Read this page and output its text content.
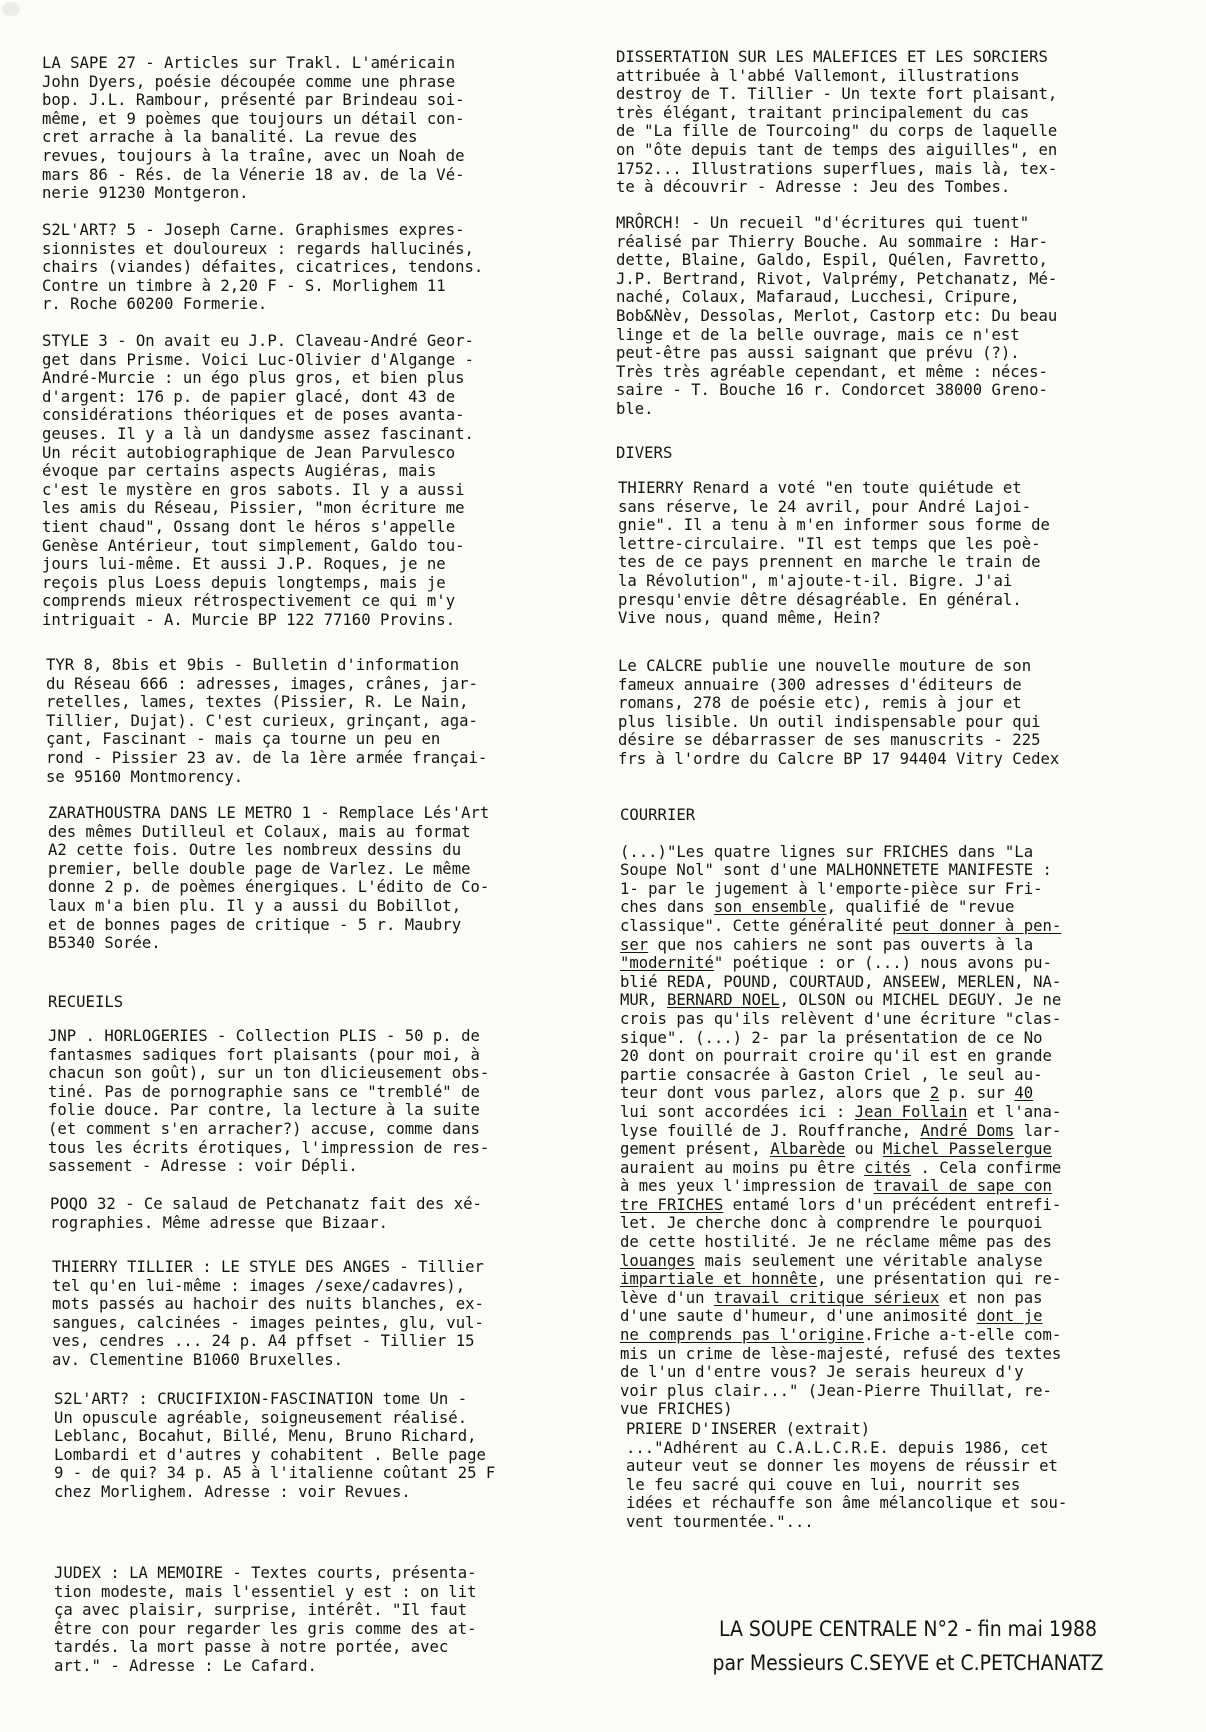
LA SAPE 27 - Articles sur Trakl. L'américain
John Dyers, poésie découpée comme une phrase
bop. J.L. Rambour, présenté par Brindeau soi-
même, et 9 poèmes que toujours un détail con-
cret arrache à la banalité. La revue des
revues, toujours à la traîne, avec un Noah de
mars 86 - Rés. de la Vénerie 18 av. de la Vé-
nerie 91230 Montgeron.

S2L'ART? 5 - Joseph Carne. Graphismes expres-
sionnistes et douloureux : regards hallucinés,
chairs (viandes) défaites, cicatrices, tendons.
Contre un timbre à 2,20 F - S. Morlighem 11
r. Roche 60200 Formerie.

STYLE 3 - On avait eu J.P. Claveau-André Geor-
get dans Prisme. Voici Luc-Olivier d'Algange -
André-Murcie : un égo plus gros, et bien plus
d'argent: 176 p. de papier glacé, dont 43 de
considérations théoriques et de poses avanta-
geuses. Il y a là un dandysme assez fascinant.
Un récit autobiographique de Jean Parvulesco
évoque par certains aspects Augiéras, mais
c'est le mystère en gros sabots. Il y a aussi
les amis du Réseau, Pissier, "mon écriture me
tient chaud", Ossang dont le héros s'appelle
Genèse Antérieur, tout simplement, Galdo tou-
jours lui-même. Et aussi J.P. Roques, je ne
reçois plus Loess depuis longtemps, mais je
comprends mieux rétrospectivement ce qui m'y
intriguait - A. Murcie BP 122 77160 Provins.

TYR 8, 8bis et 9bis - Bulletin d'information
du Réseau 666 : adresses, images, crânes, jar-
retelles, lames, textes (Pissier, R. Le Nain,
Tillier, Dujat). C'est curieux, grinçant, aga-
çant, Fascinant - mais ça tourne un peu en
rond - Pissier 23 av. de la 1ère armée françai-
se 95160 Montmorency.

ZARATHOUSTRA DANS LE METRO 1 - Remplace Lés'Art
des mêmes Dutilleul et Colaux, mais au format
A2 cette fois. Outre les nombreux dessins du
premier, belle double page de Varlez. Le même
donne 2 p. de poèmes énergiques. L'édito de Co-
laux m'a bien plu. Il y a aussi du Bobillot,
et de bonnes pages de critique - 5 r. Maubry
B5340 Sorée.

RECUEILS

JNP . HORLOGERIES - Collection PLIS - 50 p. de
fantasmes sadiques fort plaisants (pour moi, à
chacun son goût), sur un ton dlicieusement obs-
tiné. Pas de pornographie sans ce "tremblé" de
folie douce. Par contre, la lecture à la suite
(et comment s'en arracher?) accuse, comme dans
tous les écrits érotiques, l'impression de res-
sassement - Adresse : voir Dépli.

POQO 32 - Ce salaud de Petchanatz fait des xé-
rographies. Même adresse que Bizaar.

THIERRY TILLIER : LE STYLE DES ANGES - Tillier
tel qu'en lui-même : images /sexe/cadavres),
mots passés au hachoir des nuits blanches, ex-
sangues, calcinées - images peintes, glu, vul-
ves, cendres ... 24 p. A4 pffset - Tillier 15
av. Clementine B1060 Bruxelles.

S2L'ART? : CRUCIFIXION-FASCINATION tome Un -
Un opuscule agréable, soigneusement réalisé.
Leblanc, Bocahut, Billé, Menu, Bruno Richard,
Lombardi et d'autres y cohabitent . Belle page
9 - de qui? 34 p. A5 à l'italienne coûtant 25 F
chez Morlighem. Adresse : voir Revues.

JUDEX : LA MEMOIRE - Textes courts, présenta-
tion modeste, mais l'essentiel y est : on lit
ça avec plaisir, surprise, intérêt. "Il faut
être con pour regarder les gris comme des at-
tardés. la mort passe à notre portée, avec
art." - Adresse : Le Cafard.

DISSERTATION SUR LES MALEFICES ET LES SORCIERS
attribuée à l'abbé Vallemont, illustrations
destroy de T. Tillier - Un texte fort plaisant,
très élégant, traitant principalement du cas
de "La fille de Tourcoing" du corps de laquelle
on "ôte depuis tant de temps des aiguilles", en
1752... Illustrations superflues, mais là, tex-
te à découvrir - Adresse : Jeu des Tombes.

MRÔRCH! - Un recueil "d'écritures qui tuent"
réalisé par Thierry Bouche. Au sommaire : Har-
dette, Blaine, Galdo, Espil, Quélen, Favretto,
J.P. Bertrand, Rivot, Valprémy, Petchanatz, Mé-
naché, Colaux, Mafaraud, Lucchesi, Cripure,
Bob&Nèv, Dessolas, Merlot, Castorp etc: Du beau
linge et de la belle ouvrage, mais ce n'est
peut-être pas aussi saignant que prévu (?).
Très très agréable cependant, et même : néces-
saire - T. Bouche 16 r. Condorcet 38000 Greno-
ble.

DIVERS

THIERRY Renard a voté "en toute quiétude et
sans réserve, le 24 avril, pour André Lajoi-
gnie". Il a tenu à m'en informer sous forme de
lettre-circulaire. "Il est temps que les poè-
tes de ce pays prennent en marche le train de
la Révolution", m'ajoute-t-il. Bigre. J'ai
presqu'envie dêtre désagréable. En général.
Vive nous, quand même, Hein?

Le CALCRE publie une nouvelle mouture de son
fameux annuaire (300 adresses d'éditeurs de
romans, 278 de poésie etc), remis à jour et
plus lisible. Un outil indispensable pour qui
désire se débarrasser de ses manuscrits - 225
frs à l'ordre du Calcre BP 17 94404 Vitry Cedex

COURRIER

(...)"Les quatre lignes sur FRICHES dans "La
Soupe Nol" sont d'une MALHONNETETE MANIFESTE :
1- par le jugement à l'emporte-pièce sur Fri-
ches dans son ensemble, qualifié de "revue
classique". Cette généralité peut donner à pen-
ser que nos cahiers ne sont pas ouverts à la
"modernité" poétique : or (...) nous avons pu-
blié REDA, POUND, COURTAUD, ANSEEW, MERLEN, NA-
MUR, BERNARD NOEL, OLSON ou MICHEL DEGUY. Je ne
crois pas qu'ils relèvent d'une écriture "clas-
sique". (...) 2- par la présentation de ce No
20 dont on pourrait croire qu'il est en grande
partie consacrée à Gaston Criel , le seul au-
teur dont vous parlez, alors que 2 p. sur 40
lui sont accordées ici : Jean Follain et l'ana-
lyse fouillé de J. Rouffranche, André Doms lar-
gement présent, Albarède ou Michel Passelergue
auraient au moins pu être cités . Cela confirme
à mes yeux l'impression de travail de sape con
tre FRICHES entamé lors d'un précédent entrefi-
let. Je cherche donc à comprendre le pourquoi
de cette hostilité. Je ne réclame même pas des
louanges mais seulement une véritable analyse
impartiale et honnête, une présentation qui re-
lève d'un travail critique sérieux et non pas
d'une saute d'humeur, d'une animosité dont je
ne comprends pas l'origine.Friche a-t-elle com-
mis un crime de lèse-majesté, refusé des textes
de l'un d'entre vous? Je serais heureux d'y
voir plus clair..." (Jean-Pierre Thuillat, re-
vue FRICHES)

PRIERE D'INSERER (extrait)
..."Adhérent au C.A.L.C.R.E. depuis 1986, cet
auteur veut se donner les moyens de réussir et
le feu sacré qui couve en lui, nourrit ses
idées et réchauffe son âme mélancolique et sou-
vent tourmentée."...

LA SOUPE CENTRALE N°2 - fin mai 1988
par Messieurs C.SEYVE et C.PETCHANATZ
